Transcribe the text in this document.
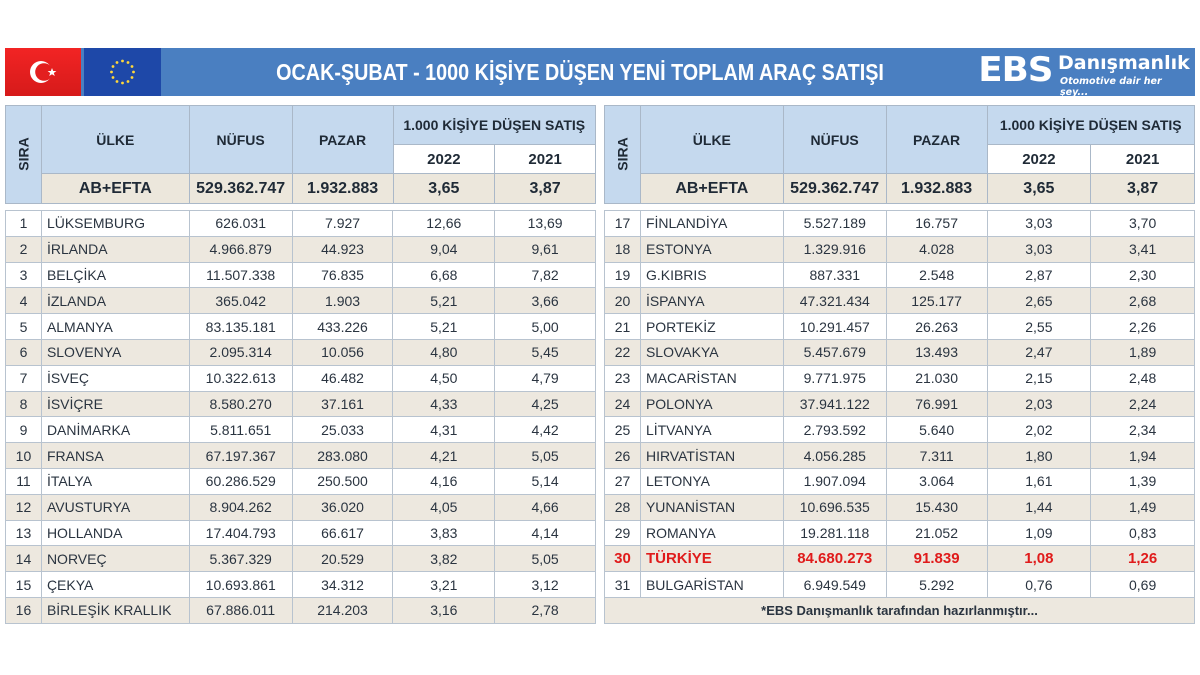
OCAK-ŞUBAT - 1000 KİŞİYE DÜŞEN YENİ TOPLAM ARAÇ SATIŞI	EBS Danışmanlık
Otomotive dair her şey...
SIRA	ÜLKE	NÜFUS	PAZAR	1.000 KİŞİYE DÜŞEN SATIŞ	
				2022	2021
	AB+EFTA	529.362.747	1.932.883	3,65	3,87
SIRA	ÜLKE	NÜFUS	PAZAR	1.000 KİŞİYE DÜŞEN SATIŞ	
				2022	2021
	AB+EFTA	529.362.747	1.932.883	3,65	3,87
1	LÜKSEMBURG	626.031	7.927	12,66	13,69
2	İRLANDA	4.966.879	44.923	9,04	9,61
3	BELÇİKA	11.507.338	76.835	6,68	7,82
4	İZLANDA	365.042	1.903	5,21	3,66
5	ALMANYA	83.135.181	433.226	5,21	5,00
6	SLOVENYA	2.095.314	10.056	4,80	5,45
7	İSVEÇ	10.322.613	46.482	4,50	4,79
8	İSVİÇRE	8.580.270	37.161	4,33	4,25
9	DANİMARKA	5.811.651	25.033	4,31	4,42
10	FRANSA	67.197.367	283.080	4,21	5,05
11	İTALYA	60.286.529	250.500	4,16	5,14
12	AVUSTURYA	8.904.262	36.020	4,05	4,66
13	HOLLANDA	17.404.793	66.617	3,83	4,14
14	NORVEÇ	5.367.329	20.529	3,82	5,05
15	ÇEKYA	10.693.861	34.312	3,21	3,12
16	BİRLEŞİK KRALLIK	67.886.011	214.203	3,16	2,78
17	FİNLANDİYA	5.527.189	16.757	3,03	3,70
18	ESTONYA	1.329.916	4.028	3,03	3,41
19	G.KIBRIS	887.331	2.548	2,87	2,30
20	İSPANYA	47.321.434	125.177	2,65	2,68
21	PORTEKİZ	10.291.457	26.263	2,55	2,26
22	SLOVAKYA	5.457.679	13.493	2,47	1,89
23	MACARİSTAN	9.771.975	21.030	2,15	2,48
24	POLONYA	37.941.122	76.991	2,03	2,24
25	LİTVANYA	2.793.592	5.640	2,02	2,34
26	HIRVATİSTAN	4.056.285	7.311	1,80	1,94
27	LETONYA	1.907.094	3.064	1,61	1,39
28	YUNANİSTAN	10.696.535	15.430	1,44	1,49
29	ROMANYA	19.281.118	21.052	1,09	0,83
30	TÜRKİYE	84.680.273	91.839	1,08	1,26
31	BULGARİSTAN	6.949.549	5.292	0,76	0,69
*EBS Danışmanlık tarafından hazırlanmıştır...					
